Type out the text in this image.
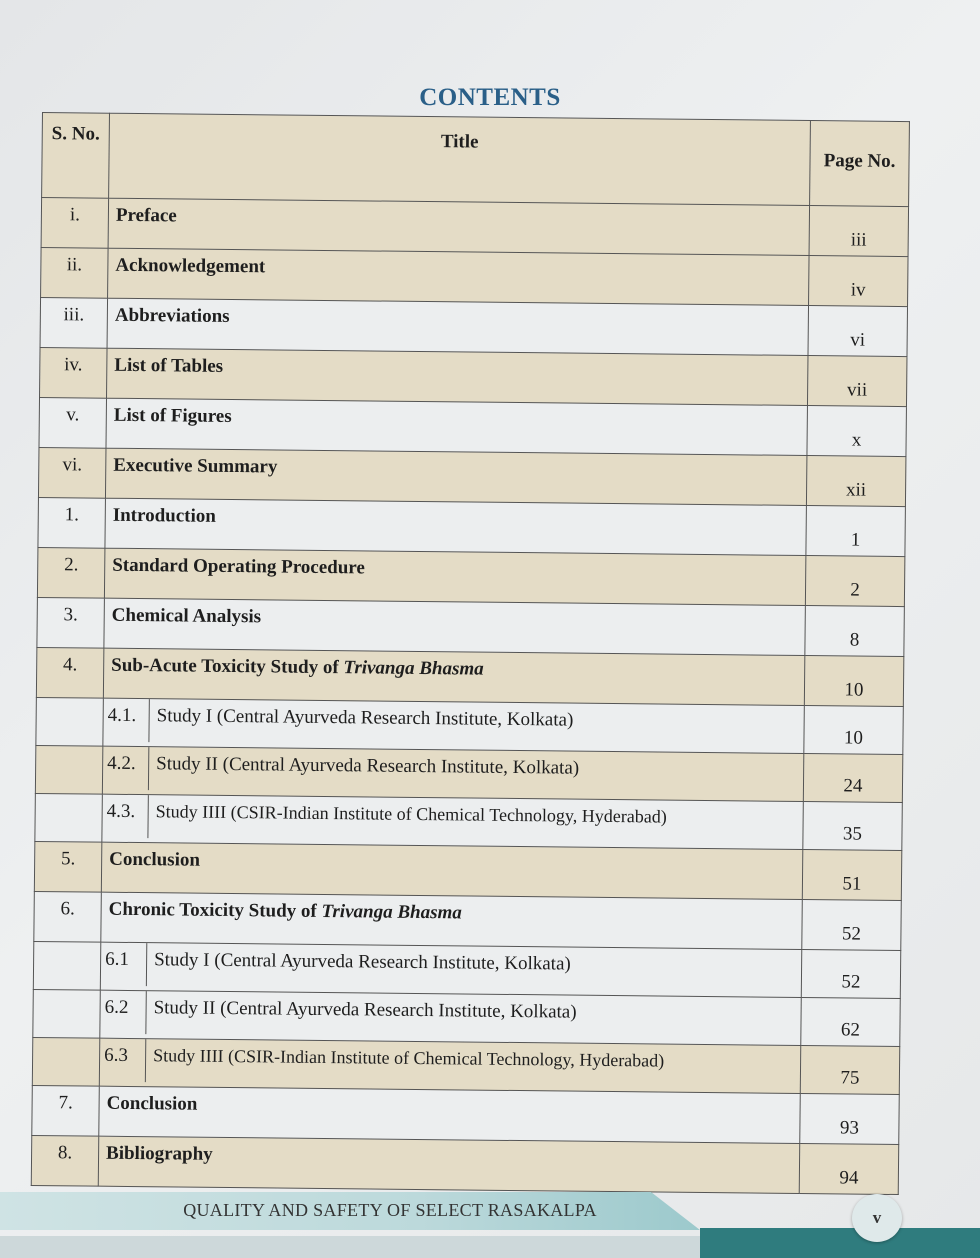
CONTENTS
S. No.	Title	Page No.
i.	Preface	iii
ii.	Acknowledgement	iv
iii.	Abbreviations	vi
iv.	List of Tables	vii
v.	List of Figures	x
vi.	Executive Summary	xii
1.	Introduction	1
2.	Standard Operating Procedure	2
3.	Chemical Analysis	8
4.	Sub-Acute Toxicity Study of Trivanga Bhasma	10

	4.1. Study I (Central Ayurveda Research Institute, Kolkata)	10

	4.2. Study II (Central Ayurveda Research Institute, Kolkata)	24

	4.3. Study IIII (CSIR-Indian Institute of Chemical Technology, Hyderabad)	35
5.	Conclusion	51
6.	Chronic Toxicity Study of Trivanga Bhasma	52

	6.1 Study I (Central Ayurveda Research Institute, Kolkata)	52

	6.2 Study II (Central Ayurveda Research Institute, Kolkata)	62

	6.3 Study IIII (CSIR-Indian Institute of Chemical Technology, Hyderabad)	75
7.	Conclusion	93
8.	Bibliography	94
QUALITY AND SAFETY OF SELECT RASAKALPA	v
